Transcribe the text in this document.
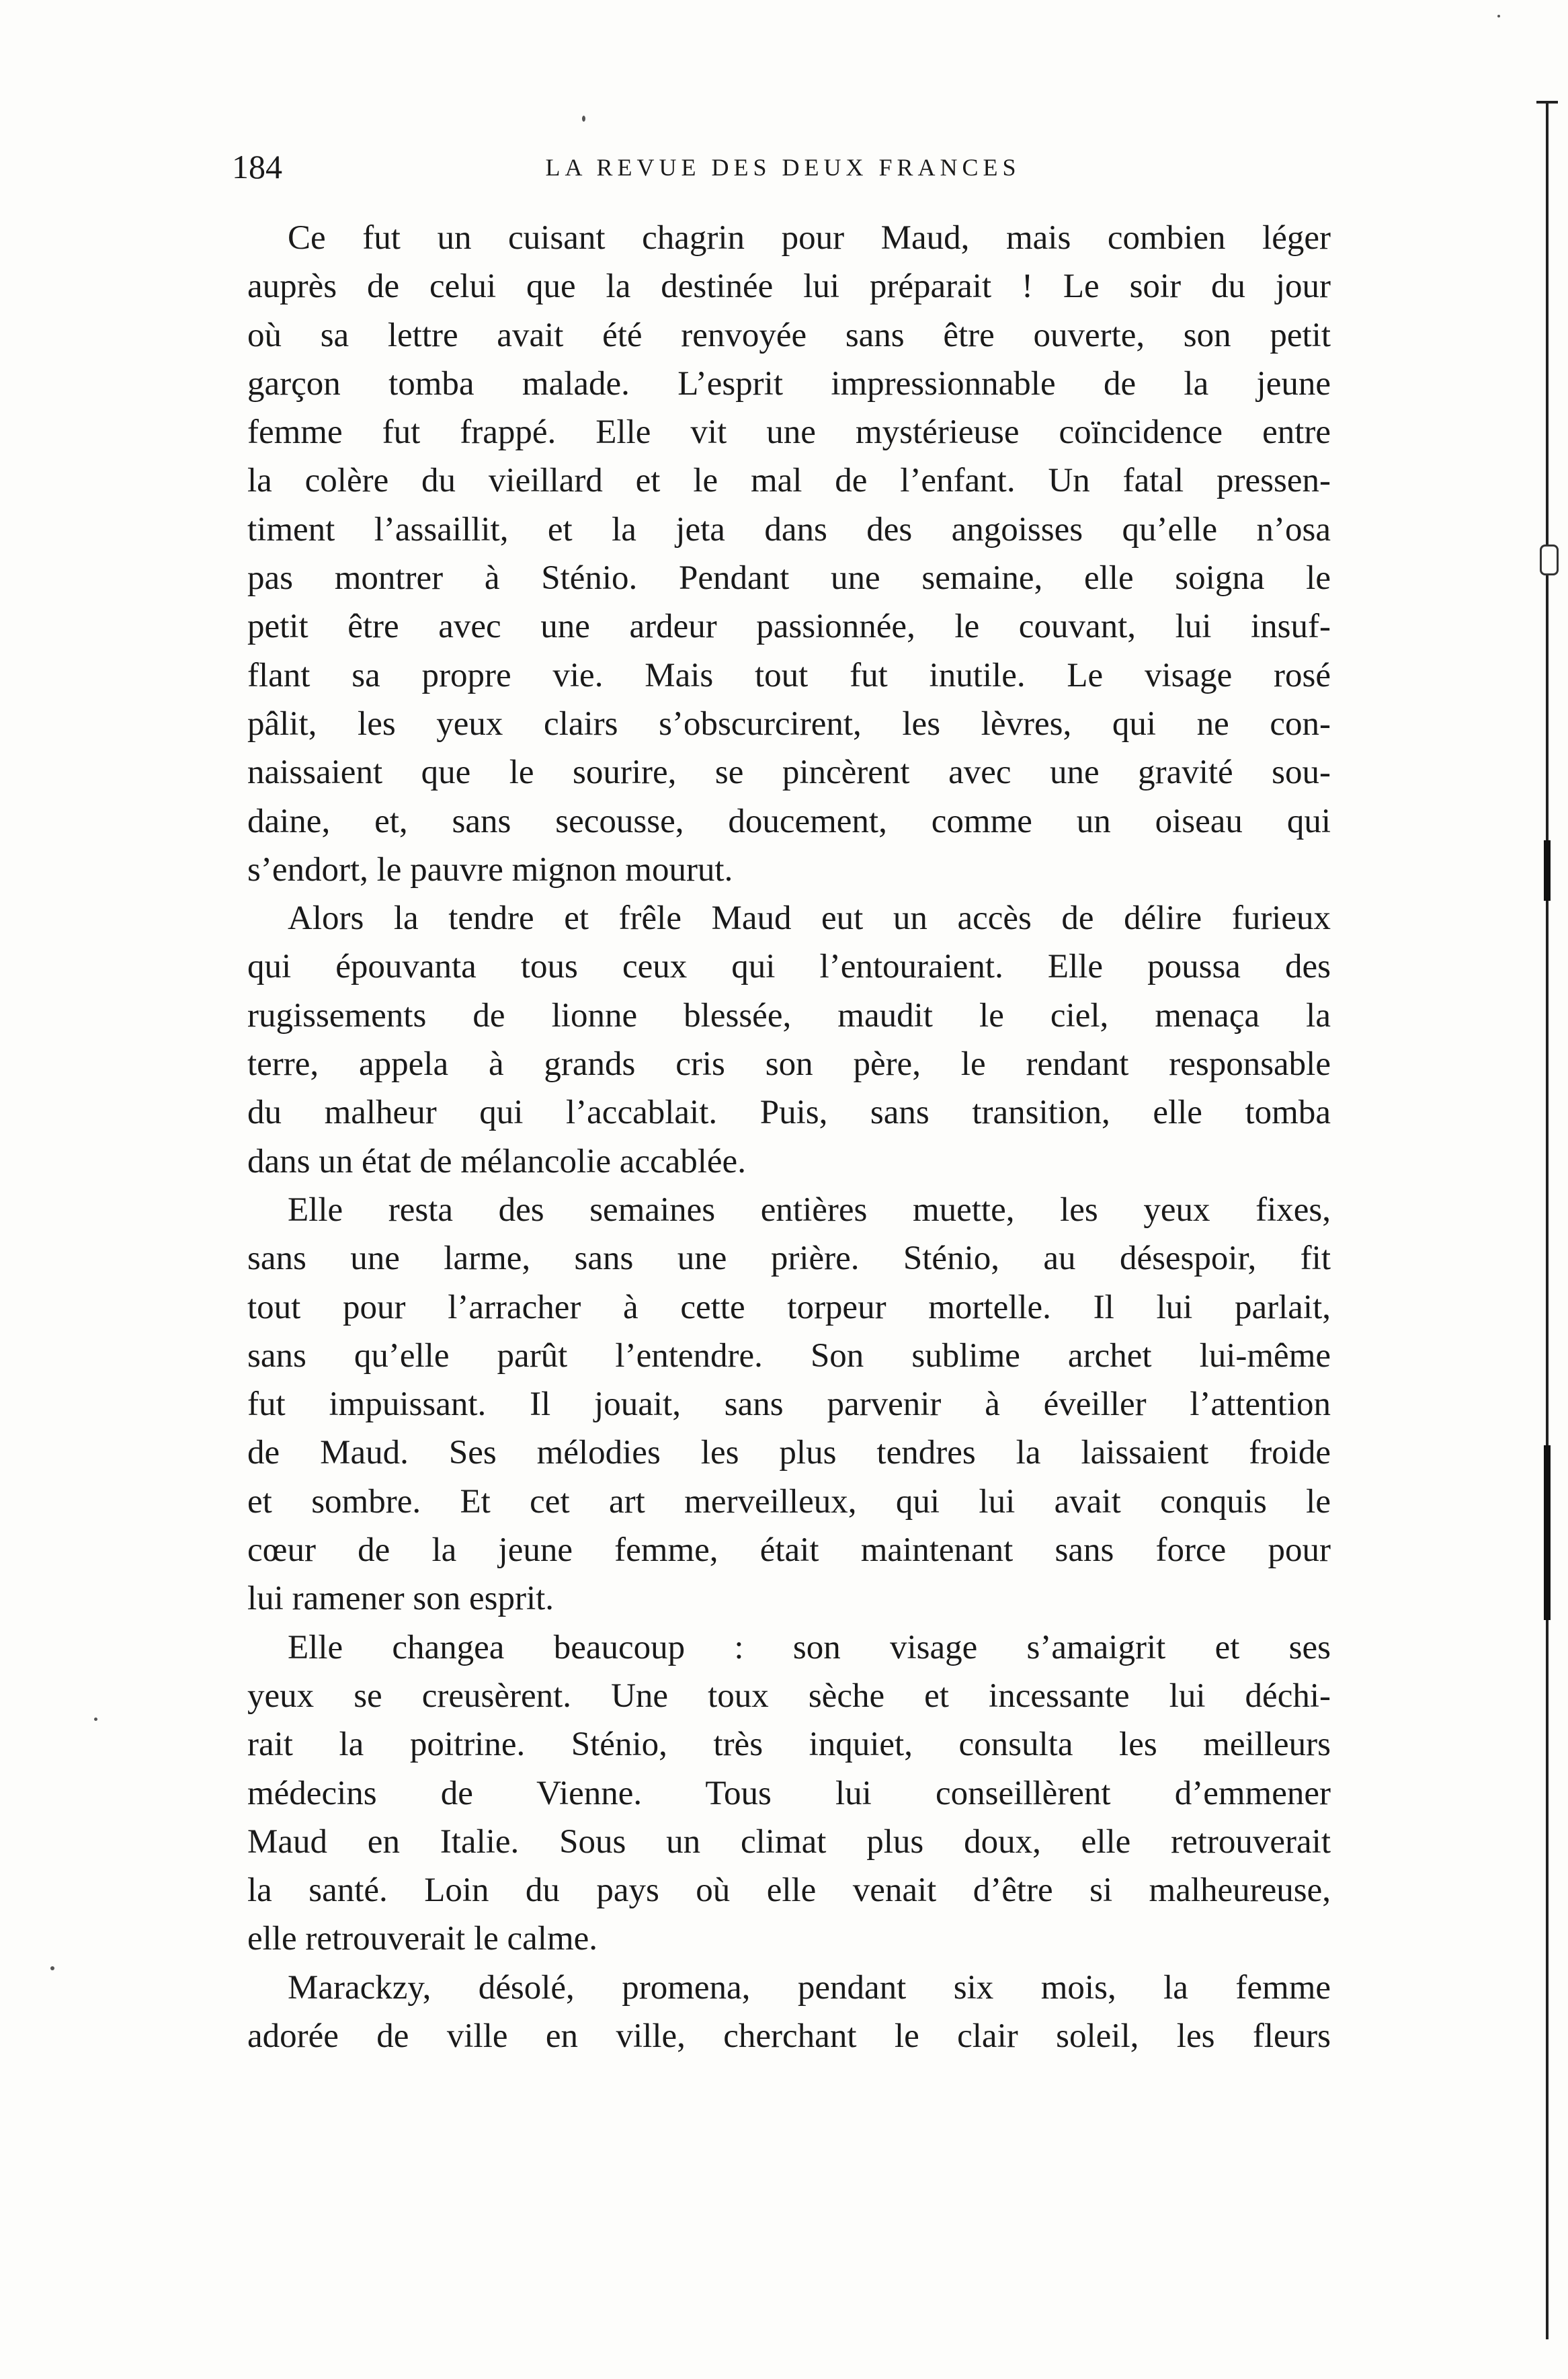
184	LA REVUE DES DEUX FRANCES
Ce fut un cuisant chagrin pour Maud, mais combien léger
auprès de celui que la destinée lui préparait ! Le soir du jour
où sa lettre avait été renvoyée sans être ouverte, son petit
garçon tomba malade. L’esprit impressionnable de la jeune
femme fut frappé. Elle vit une mystérieuse coïncidence entre
la colère du vieillard et le mal de l’enfant. Un fatal pressen-
timent l’assaillit, et la jeta dans des angoisses qu’elle n’osa
pas montrer à Sténio. Pendant une semaine, elle soigna le
petit être avec une ardeur passionnée, le couvant, lui insuf-
flant sa propre vie. Mais tout fut inutile. Le visage rosé
pâlit, les yeux clairs s’obscurcirent, les lèvres, qui ne con-
naissaient que le sourire, se pincèrent avec une gravité sou-
daine, et, sans secousse, doucement, comme un oiseau qui
s’endort, le pauvre mignon mourut.
Alors la tendre et frêle Maud eut un accès de délire furieux
qui épouvanta tous ceux qui l’entouraient. Elle poussa des
rugissements de lionne blessée, maudit le ciel, menaça la
terre, appela à grands cris son père, le rendant responsable
du malheur qui l’accablait. Puis, sans transition, elle tomba
dans un état de mélancolie accablée.
Elle resta des semaines entières muette, les yeux fixes,
sans une larme, sans une prière. Sténio, au désespoir, fit
tout pour l’arracher à cette torpeur mortelle. Il lui parlait,
sans qu’elle parût l’entendre. Son sublime archet lui-même
fut impuissant. Il jouait, sans parvenir à éveiller l’attention
de Maud. Ses mélodies les plus tendres la laissaient froide
et sombre. Et cet art merveilleux, qui lui avait conquis le
cœur de la jeune femme, était maintenant sans force pour
lui ramener son esprit.
Elle changea beaucoup : son visage s’amaigrit et ses
yeux se creusèrent. Une toux sèche et incessante lui déchi-
rait la poitrine. Sténio, très inquiet, consulta les meilleurs
médecins de Vienne. Tous lui conseillèrent d’emmener
Maud en Italie. Sous un climat plus doux, elle retrouverait
la santé. Loin du pays où elle venait d’être si malheureuse,
elle retrouverait le calme.
Marackzy, désolé, promena, pendant six mois, la femme
adorée de ville en ville, cherchant le clair soleil, les fleurs
